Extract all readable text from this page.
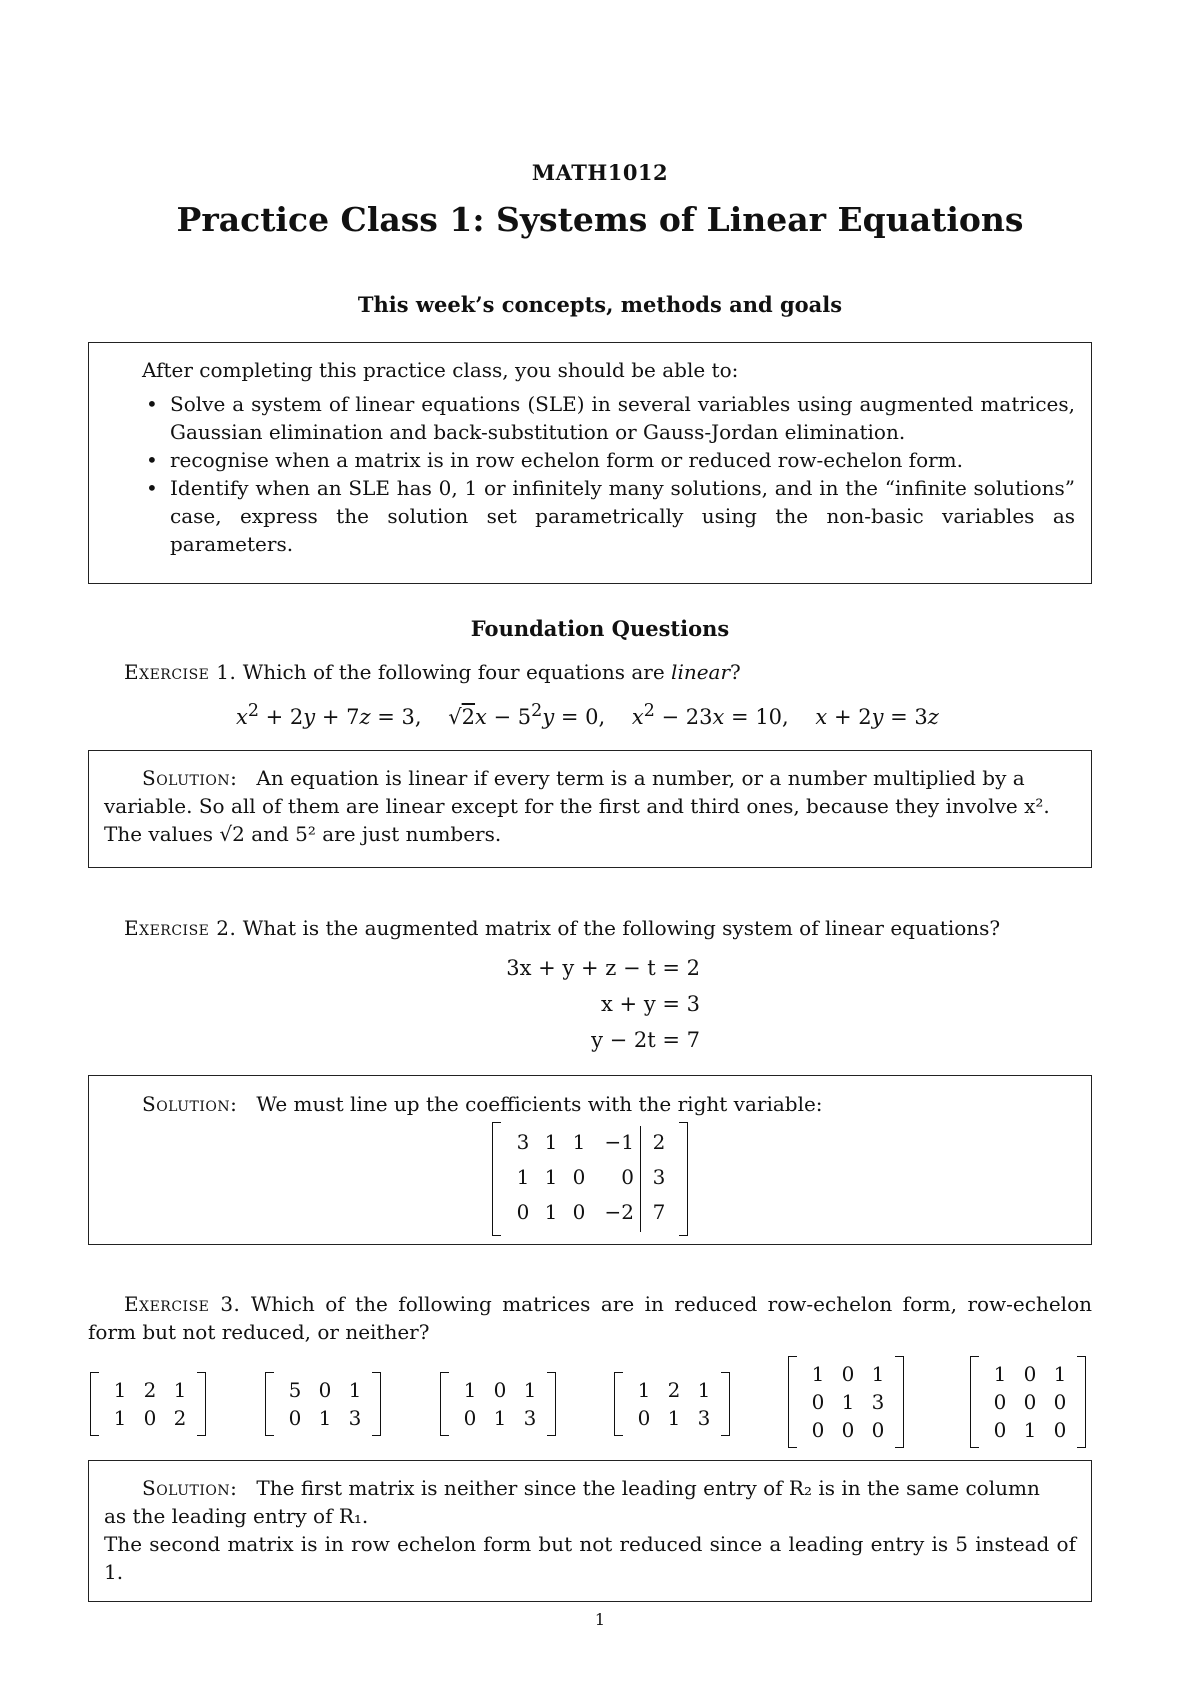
MATH1012
Practice Class 1: Systems of Linear Equations
This week’s concepts, methods and goals
After completing this practice class, you should be able to:
• Solve a system of linear equations (SLE) in several variables using augmented matrices, Gaussian elimination and back-substitution or Gauss-Jordan elimination.
• recognise when a matrix is in row echelon form or reduced row-echelon form.
• Identify when an SLE has 0, 1 or infinitely many solutions, and in the “infinite solutions” case, express the solution set parametrically using the non-basic variables as parameters.
Foundation Questions
Exercise 1. Which of the following four equations are linear?
$x^2 + 2y + 7z = 3$,    $√2x - 5^2y = 0$,    $x^2 - 23x = 10$,    x + 2y = 3z
Solution: An equation is linear if every term is a number, or a number multiplied by a
variable. So all of them are linear except for the first and third ones, because they involve x².
The values √2 and 5² are just numbers.
Exercise 2. What is the augmented matrix of the following system of linear equations?
3x + y + z − t = 2
x + y = 3
y − 2t = 7
Solution: We must line up the coefficients with the right variable:
3 1 1 −1 2
1 1 0	0 3
0 1 0 −2 7
Exercise 3. Which of the following matrices are in reduced row-echelon form, row-echelon form but not reduced, or neither?
1 2 1
1 0 2
5 0 1
0 1 3
1 0 1
0 1 3
1 2 1
0 1 3
1 0 1
0 1 3
0 0 0
1 0 1
0 0 0
0 1 0
Solution: The first matrix is neither since the leading entry of R₂ is in the same column
as the leading entry of R₁.
The second matrix is in row echelon form but not reduced since a leading entry is 5 instead of 1.
1
